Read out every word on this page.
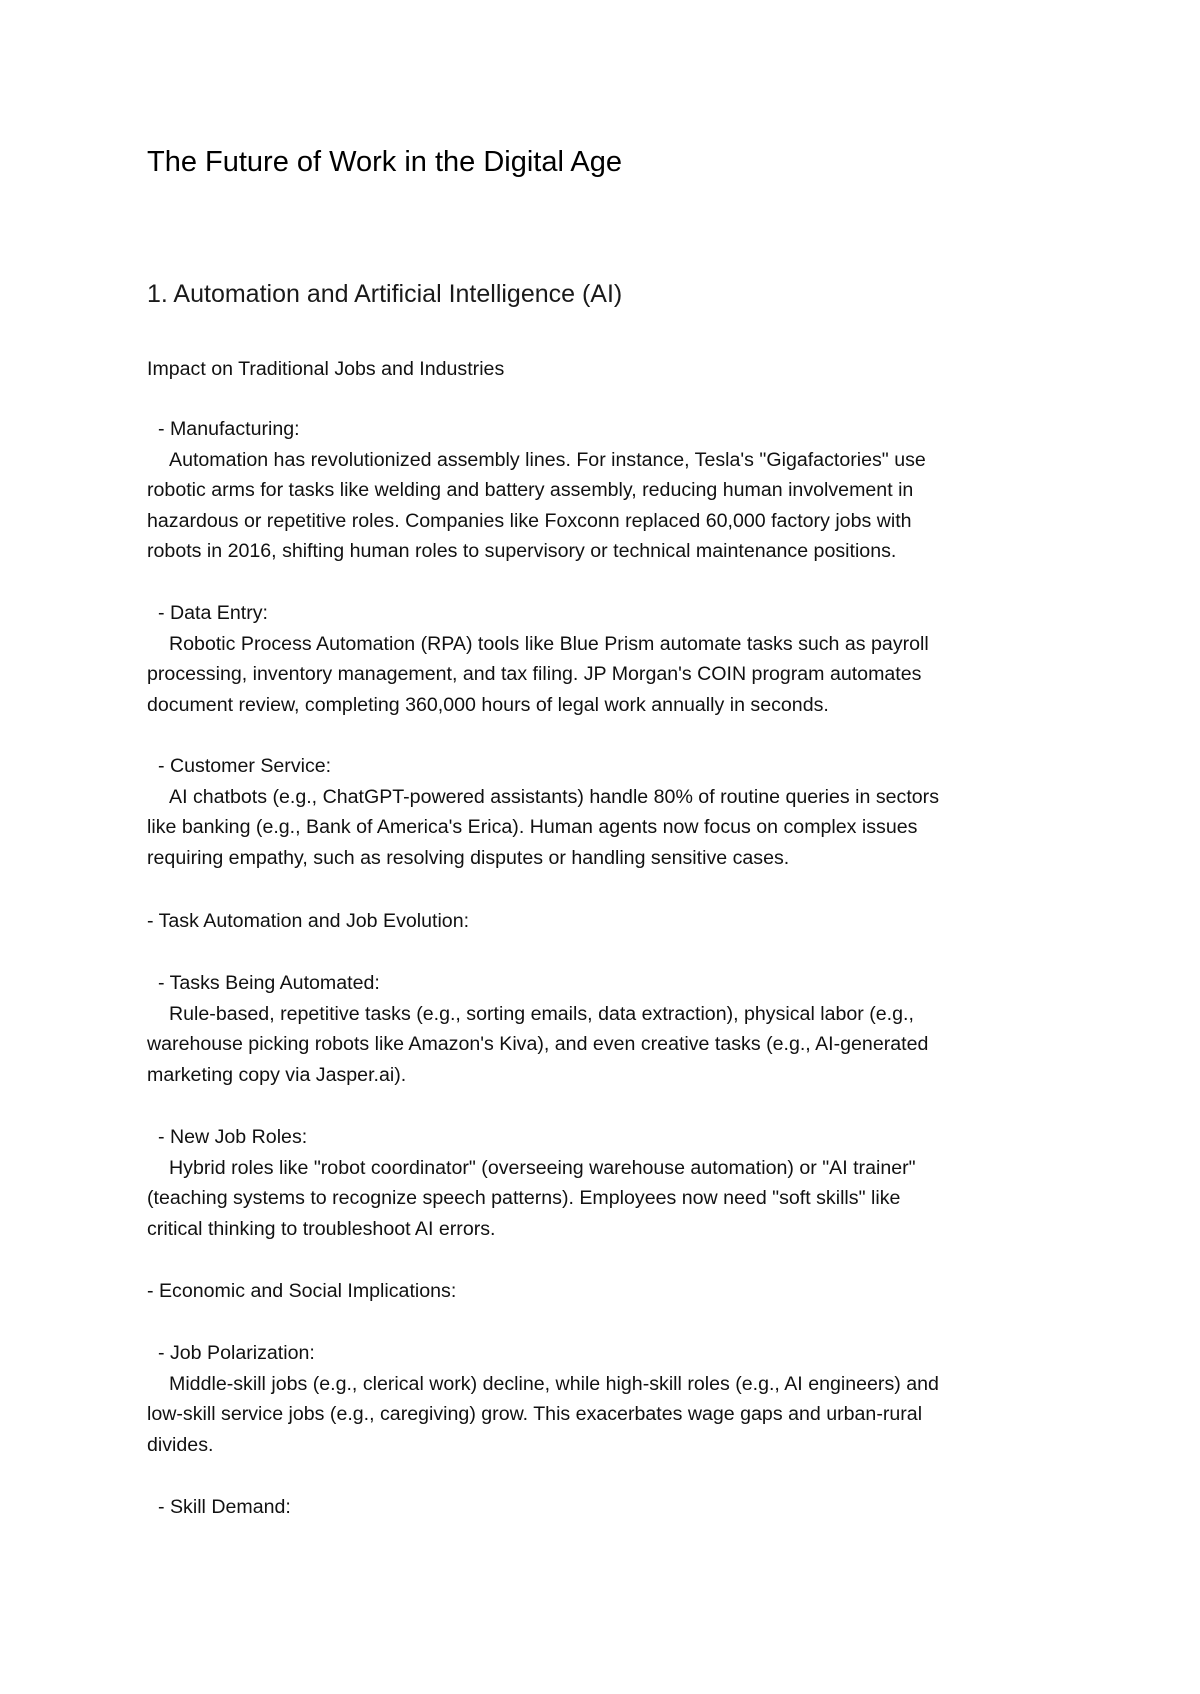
The Future of Work in the Digital Age
1. Automation and Artificial Intelligence (AI)

Impact on Traditional Jobs and Industries

- Manufacturing:
Automation has revolutionized assembly lines. For instance, Tesla's "Gigafactories" use
robotic arms for tasks like welding and battery assembly, reducing human involvement in
hazardous or repetitive roles. Companies like Foxconn replaced 60,000 factory jobs with
robots in 2016, shifting human roles to supervisory or technical maintenance positions.
- Data Entry:
Robotic Process Automation (RPA) tools like Blue Prism automate tasks such as payroll
processing, inventory management, and tax filing. JP Morgan's COIN program automates
document review, completing 360,000 hours of legal work annually in seconds.
- Customer Service:
AI chatbots (e.g., ChatGPT-powered assistants) handle 80% of routine queries in sectors
like banking (e.g., Bank of America's Erica). Human agents now focus on complex issues
requiring empathy, such as resolving disputes or handling sensitive cases.

- Task Automation and Job Evolution:

- Tasks Being Automated:
Rule-based, repetitive tasks (e.g., sorting emails, data extraction), physical labor (e.g.,
warehouse picking robots like Amazon's Kiva), and even creative tasks (e.g., AI-generated
marketing copy via Jasper.ai).
- New Job Roles:
Hybrid roles like "robot coordinator" (overseeing warehouse automation) or "AI trainer"
(teaching systems to recognize speech patterns). Employees now need "soft skills" like
critical thinking to troubleshoot AI errors.

- Economic and Social Implications:

- Job Polarization:
Middle-skill jobs (e.g., clerical work) decline, while high-skill roles (e.g., AI engineers) and
low-skill service jobs (e.g., caregiving) grow. This exacerbates wage gaps and urban-rural
divides.
- Skill Demand:
